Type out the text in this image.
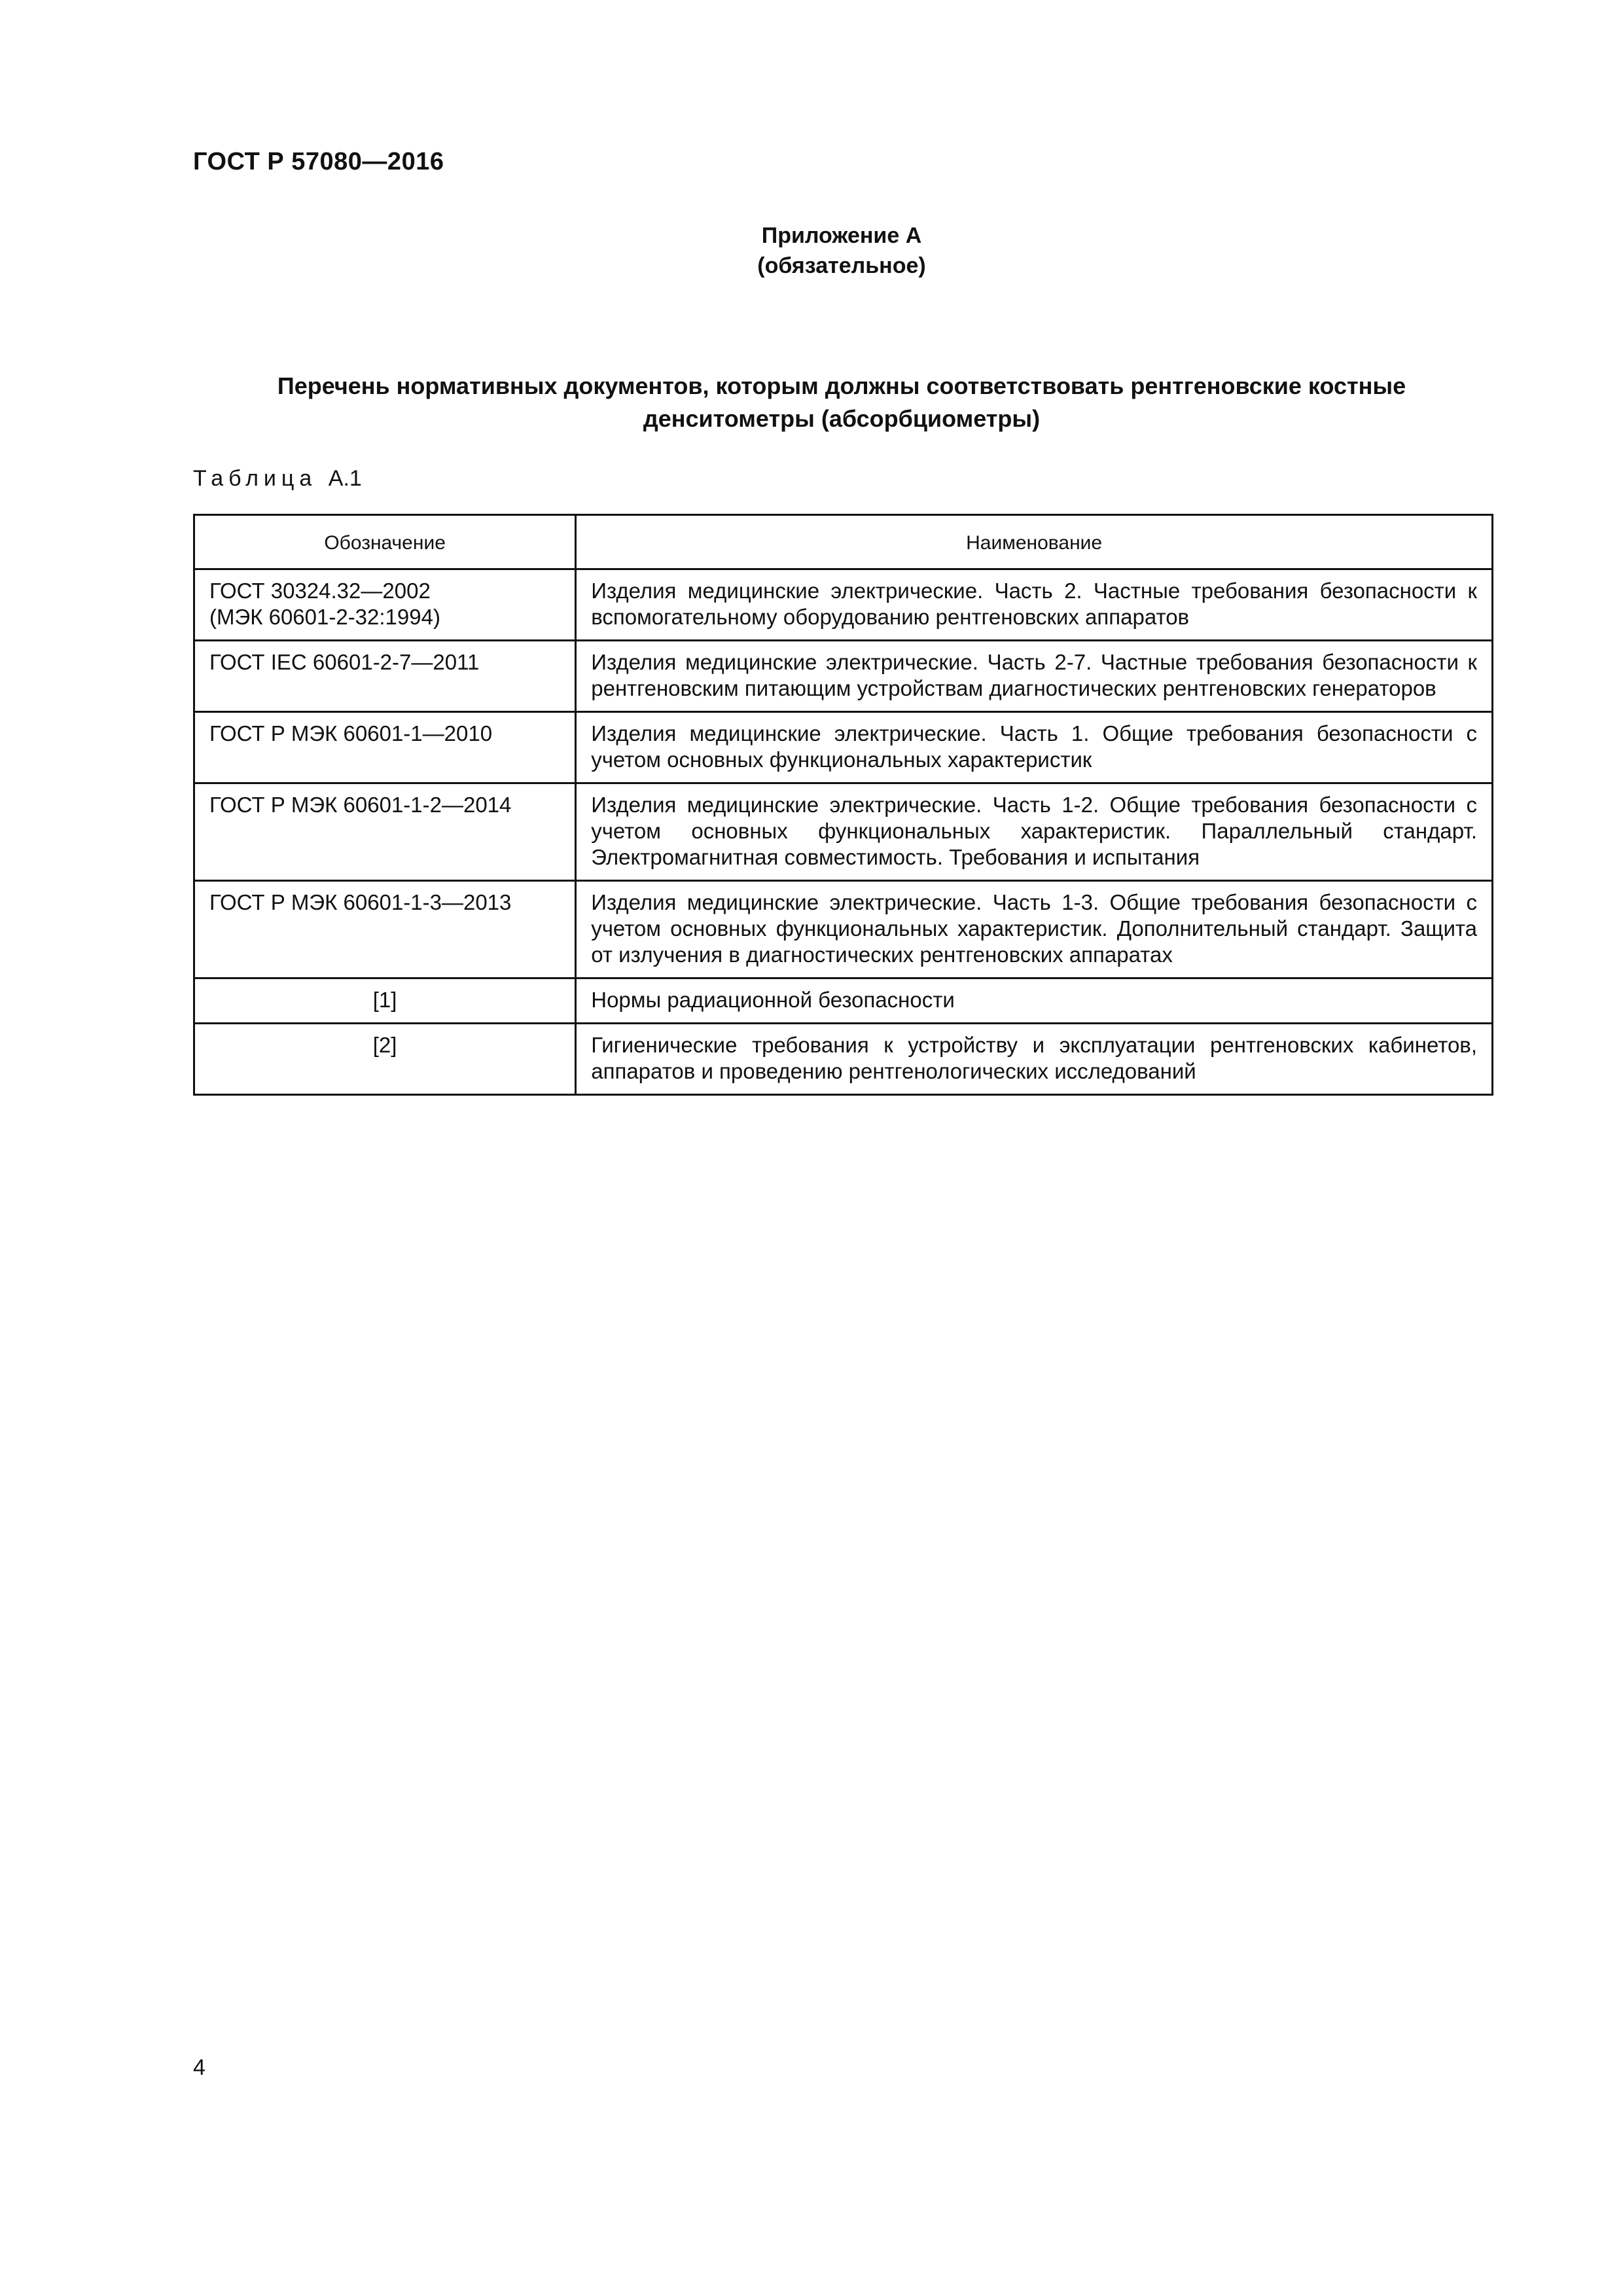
ГОСТ Р 57080—2016
Приложение А
(обязательное)
Перечень нормативных документов, которым должны соответствовать рентгеновские костные денситометры (абсорбциометры)
Таблица А.1
Обозначение	Наименование

ГОСТ 30324.32—2002
(МЭК 60601-2-32:1994)	Изделия медицинские электрические. Часть 2. Частные требования безопасности к вспомогательному оборудованию рентгеновских аппаратов

ГОСТ IEC 60601-2-7—2011	Изделия медицинские электрические. Часть 2-7. Частные требования безопасности к рентгеновским питающим устройствам диагностических рентгеновских генераторов

ГОСТ Р МЭК 60601-1—2010	Изделия медицинские электрические. Часть 1. Общие требования безопасности с учетом основных функциональных характеристик

ГОСТ Р МЭК 60601-1-2—2014	Изделия медицинские электрические. Часть 1-2. Общие требования безопасности с учетом основных функциональных характеристик. Параллельный стандарт. Электромагнитная совместимость. Требования и испытания

ГОСТ Р МЭК 60601-1-3—2013	Изделия медицинские электрические. Часть 1-3. Общие требования безопасности с учетом основных функциональных характеристик. Дополнительный стандарт. Защита от излучения в диагностических рентгеновских аппаратах

[1]	Нормы радиационной безопасности

[2]	Гигиенические требования к устройству и эксплуатации рентгеновских кабинетов, аппаратов и проведению рентгенологических исследований
4
